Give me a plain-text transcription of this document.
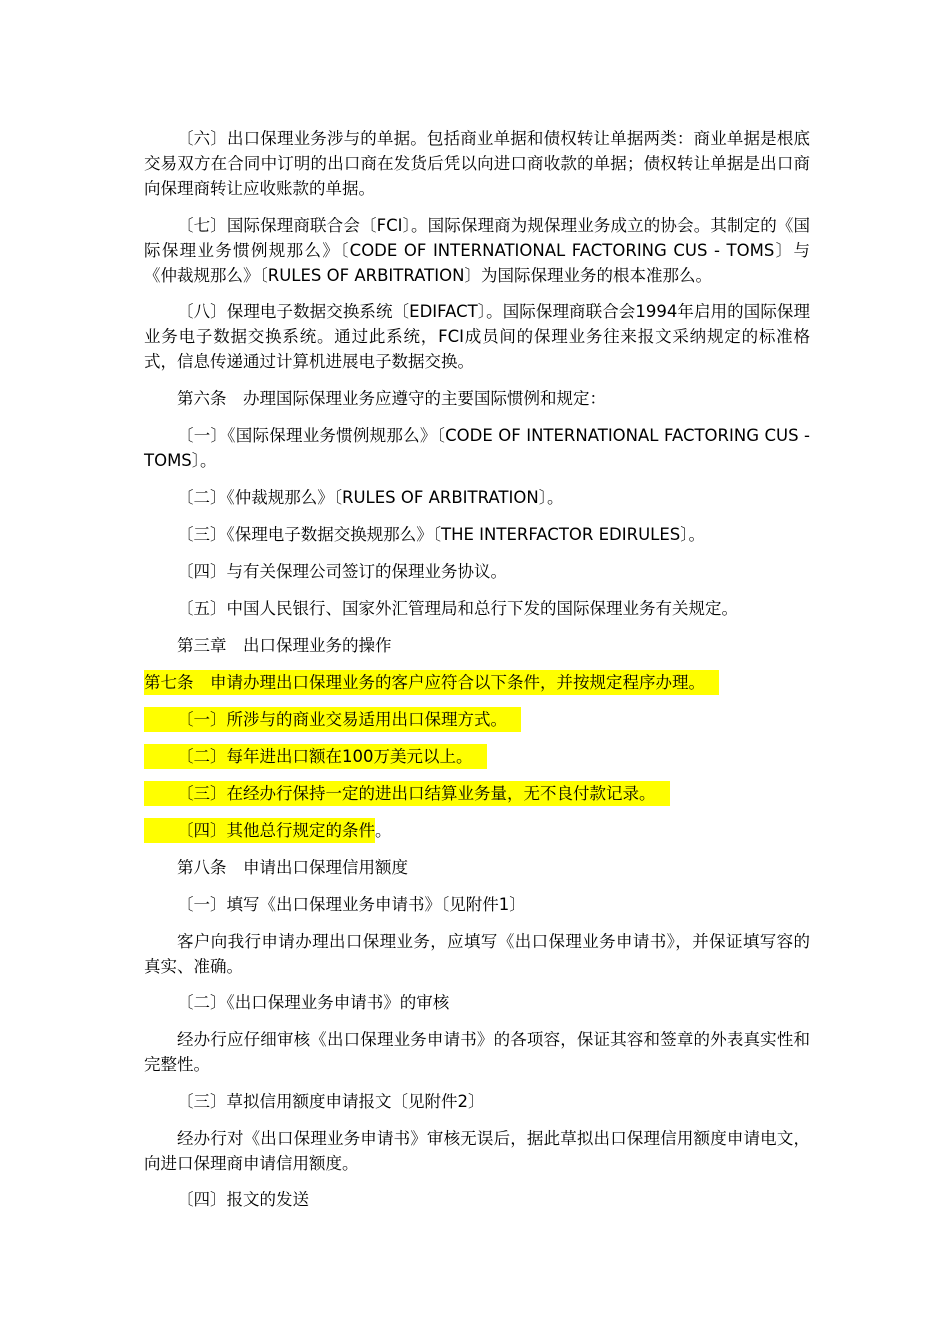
〔六〕出口保理业务涉与的单据。包括商业单据和债权转让单据两类：商业单据是根底交易双方在合同中订明的出口商在发货后凭以向进口商收款的单据；债权转让单据是出口商向保理商转让应收账款的单据。

〔七〕国际保理商联合会〔FCI〕。国际保理商为规保理业务成立的协会。其制定的《国际保理业务惯例规那么》〔CODE OF INTERNATIONAL FACTORING CUS - TOMS〕与《仲裁规那么》〔RULES OF ARBITRATION〕为国际保理业务的根本准那么。

〔八〕保理电子数据交换系统〔EDIFACT〕。国际保理商联合会1994年启用的国际保理业务电子数据交换系统。通过此系统，FCI成员间的保理业务往来报文采纳规定的标准格式，信息传递通过计算机进展电子数据交换。

第六条　办理国际保理业务应遵守的主要国际惯例和规定：

〔一〕《国际保理业务惯例规那么》〔CODE OF INTERNATIONAL FACTORING CUS - TOMS〕。

〔二〕《仲裁规那么》〔RULES OF ARBITRATION〕。

〔三〕《保理电子数据交换规那么》〔THE INTERFACTOR EDIRULES〕。

〔四〕与有关保理公司签订的保理业务协议。

〔五〕中国人民银行、国家外汇管理局和总行下发的国际保理业务有关规定。

第三章　出口保理业务的操作

第七条　申请办理出口保理业务的客户应符合以下条件，并按规定程序办理。

〔一〕所涉与的商业交易适用出口保理方式。

〔二〕每年进出口额在100万美元以上。

〔三〕在经办行保持一定的进出口结算业务量，无不良付款记录。

〔四〕其他总行规定的条件。

第八条　申请出口保理信用额度

〔一〕填写《出口保理业务申请书》〔见附件1〕

客户向我行申请办理出口保理业务，应填写《出口保理业务申请书》，并保证填写容的真实、准确。

〔二〕《出口保理业务申请书》的审核

经办行应仔细审核《出口保理业务申请书》的各项容，保证其容和签章的外表真实性和完整性。

〔三〕草拟信用额度申请报文〔见附件2〕

经办行对《出口保理业务申请书》审核无误后，据此草拟出口保理信用额度申请电文，向进口保理商申请信用额度。

〔四〕报文的发送
